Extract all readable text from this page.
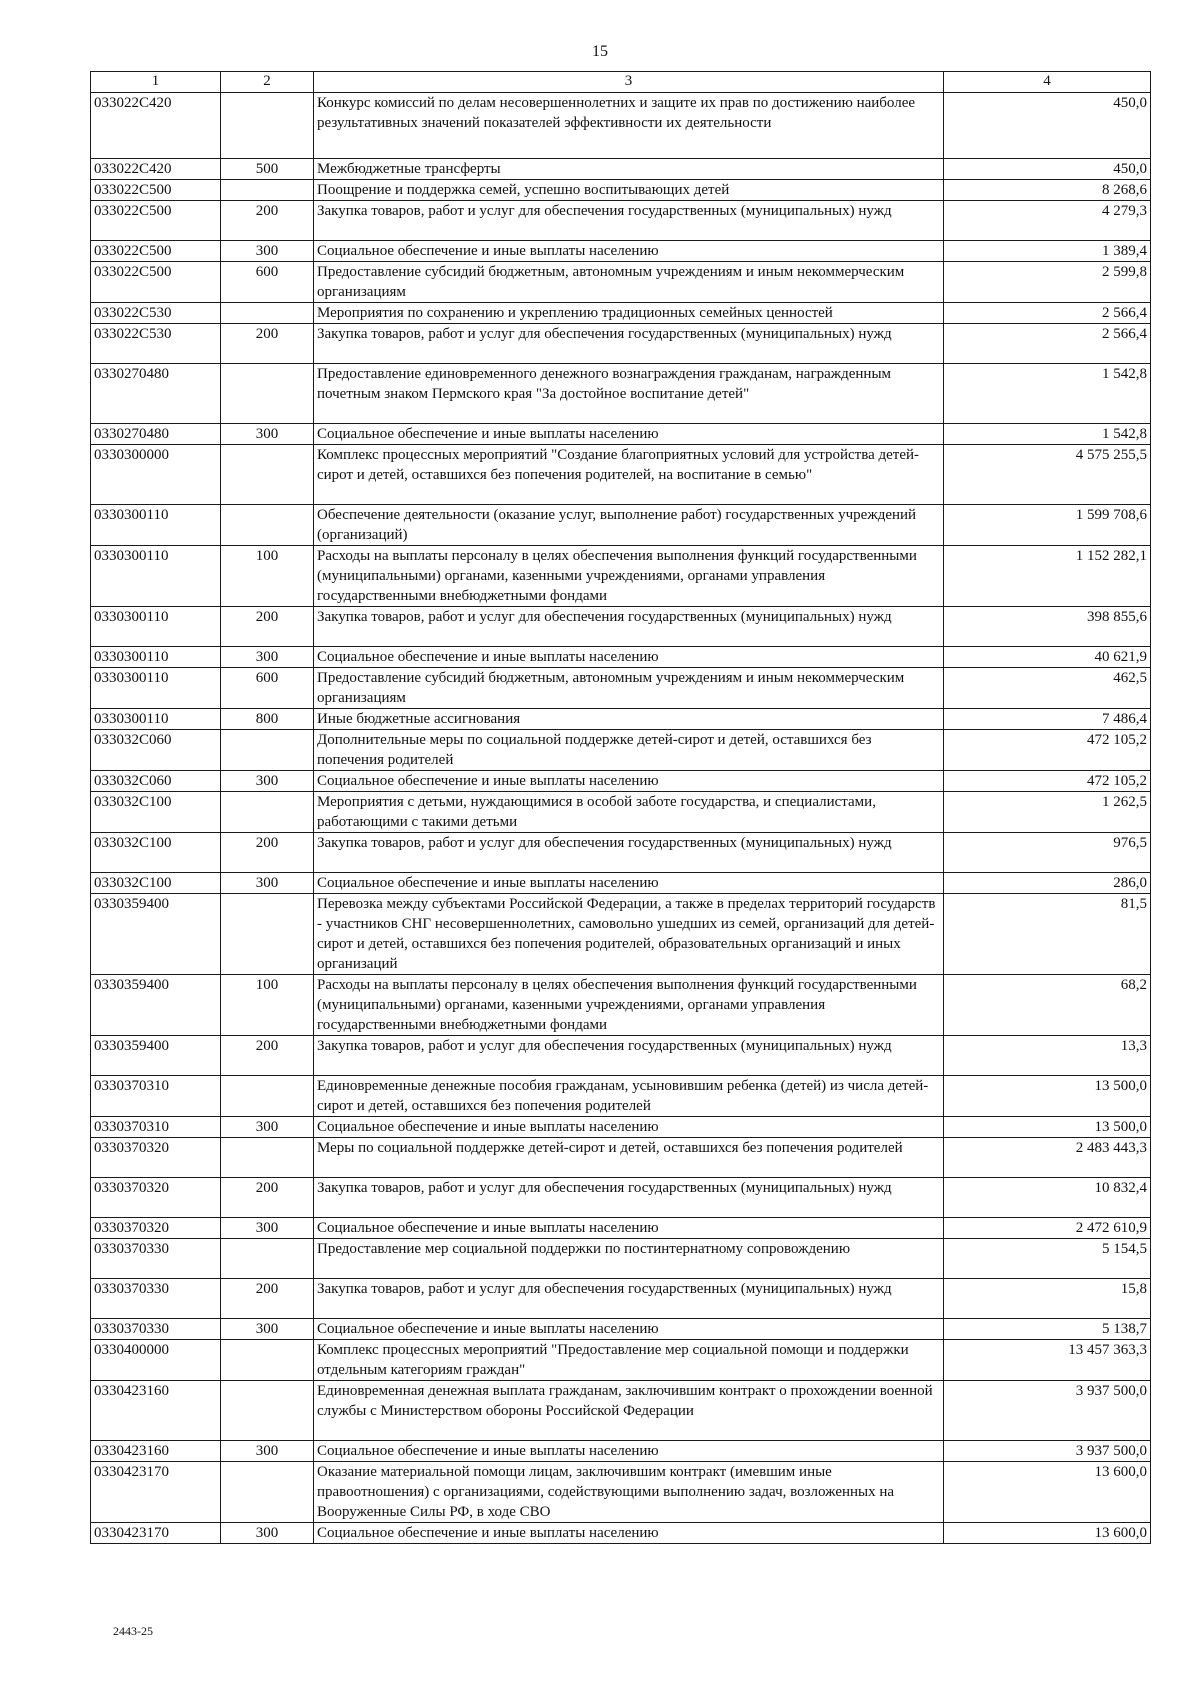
15
1	2	3	4
033022С420		Конкурс комиссий по делам несовершеннолетних и защите их прав по достижению наиболее результативных значений показателей эффективности их деятельности	450,0
033022С420	500	Межбюджетные трансферты	450,0
033022С500		Поощрение и поддержка семей, успешно воспитывающих детей	8 268,6
033022С500	200	Закупка товаров, работ и услуг для обеспечения государственных (муниципальных) нужд	4 279,3
033022С500	300	Социальное обеспечение и иные выплаты населению	1 389,4
033022С500	600	Предоставление субсидий бюджетным, автономным учреждениям и иным некоммерческим организациям	2 599,8
033022С530		Мероприятия по сохранению и укреплению традиционных семейных ценностей	2 566,4
033022С530	200	Закупка товаров, работ и услуг для обеспечения государственных (муниципальных) нужд	2 566,4
0330270480		Предоставление единовременного денежного вознаграждения гражданам, награжденным почетным знаком Пермского края "За достойное воспитание детей"	1 542,8
0330270480	300	Социальное обеспечение и иные выплаты населению	1 542,8
0330300000		Комплекс процессных мероприятий "Создание благоприятных условий для устройства детей-сирот и детей, оставшихся без попечения родителей, на воспитание в семью"	4 575 255,5
0330300110		Обеспечение деятельности (оказание услуг, выполнение работ) государственных учреждений (организаций)	1 599 708,6
0330300110	100	Расходы на выплаты персоналу в целях обеспечения выполнения функций государственными (муниципальными) органами, казенными учреждениями, органами управления государственными внебюджетными фондами	1 152 282,1
0330300110	200	Закупка товаров, работ и услуг для обеспечения государственных (муниципальных) нужд	398 855,6
0330300110	300	Социальное обеспечение и иные выплаты населению	40 621,9
0330300110	600	Предоставление субсидий бюджетным, автономным учреждениям и иным некоммерческим организациям	462,5
0330300110	800	Иные бюджетные ассигнования	7 486,4
033032С060		Дополнительные меры по социальной поддержке детей-сирот и детей, оставшихся без попечения родителей	472 105,2
033032С060	300	Социальное обеспечение и иные выплаты населению	472 105,2
033032С100		Мероприятия с детьми, нуждающимися в особой заботе государства, и специалистами, работающими с такими детьми	1 262,5
033032С100	200	Закупка товаров, работ и услуг для обеспечения государственных (муниципальных) нужд	976,5
033032С100	300	Социальное обеспечение и иные выплаты населению	286,0
0330359400		Перевозка между субъектами Российской Федерации, а также в пределах территорий государств - участников СНГ несовершеннолетних, самовольно ушедших из семей, организаций для детей-сирот и детей, оставшихся без попечения родителей, образовательных организаций и иных организаций	81,5
0330359400	100	Расходы на выплаты персоналу в целях обеспечения выполнения функций государственными (муниципальными) органами, казенными учреждениями, органами управления государственными внебюджетными фондами	68,2
0330359400	200	Закупка товаров, работ и услуг для обеспечения государственных (муниципальных) нужд	13,3
0330370310		Единовременные денежные пособия гражданам, усыновившим ребенка (детей) из числа детей-сирот и детей, оставшихся без попечения родителей	13 500,0
0330370310	300	Социальное обеспечение и иные выплаты населению	13 500,0
0330370320		Меры по социальной поддержке детей-сирот и детей, оставшихся без попечения родителей	2 483 443,3
0330370320	200	Закупка товаров, работ и услуг для обеспечения государственных (муниципальных) нужд	10 832,4
0330370320	300	Социальное обеспечение и иные выплаты населению	2 472 610,9
0330370330		Предоставление мер социальной поддержки по постинтернатному сопровождению	5 154,5
0330370330	200	Закупка товаров, работ и услуг для обеспечения государственных (муниципальных) нужд	15,8
0330370330	300	Социальное обеспечение и иные выплаты населению	5 138,7
0330400000		Комплекс процессных мероприятий "Предоставление мер социальной помощи и поддержки отдельным категориям граждан"	13 457 363,3
0330423160		Единовременная денежная выплата гражданам, заключившим контракт о прохождении военной службы с Министерством обороны Российской Федерации	3 937 500,0
0330423160	300	Социальное обеспечение и иные выплаты населению	3 937 500,0
0330423170		Оказание материальной помощи лицам, заключившим контракт (имевшим иные правоотношения) с организациями, содействующими выполнению задач, возложенных на Вооруженные Силы РФ, в ходе СВО	13 600,0
0330423170	300	Социальное обеспечение и иные выплаты населению	13 600,0
2443-25
